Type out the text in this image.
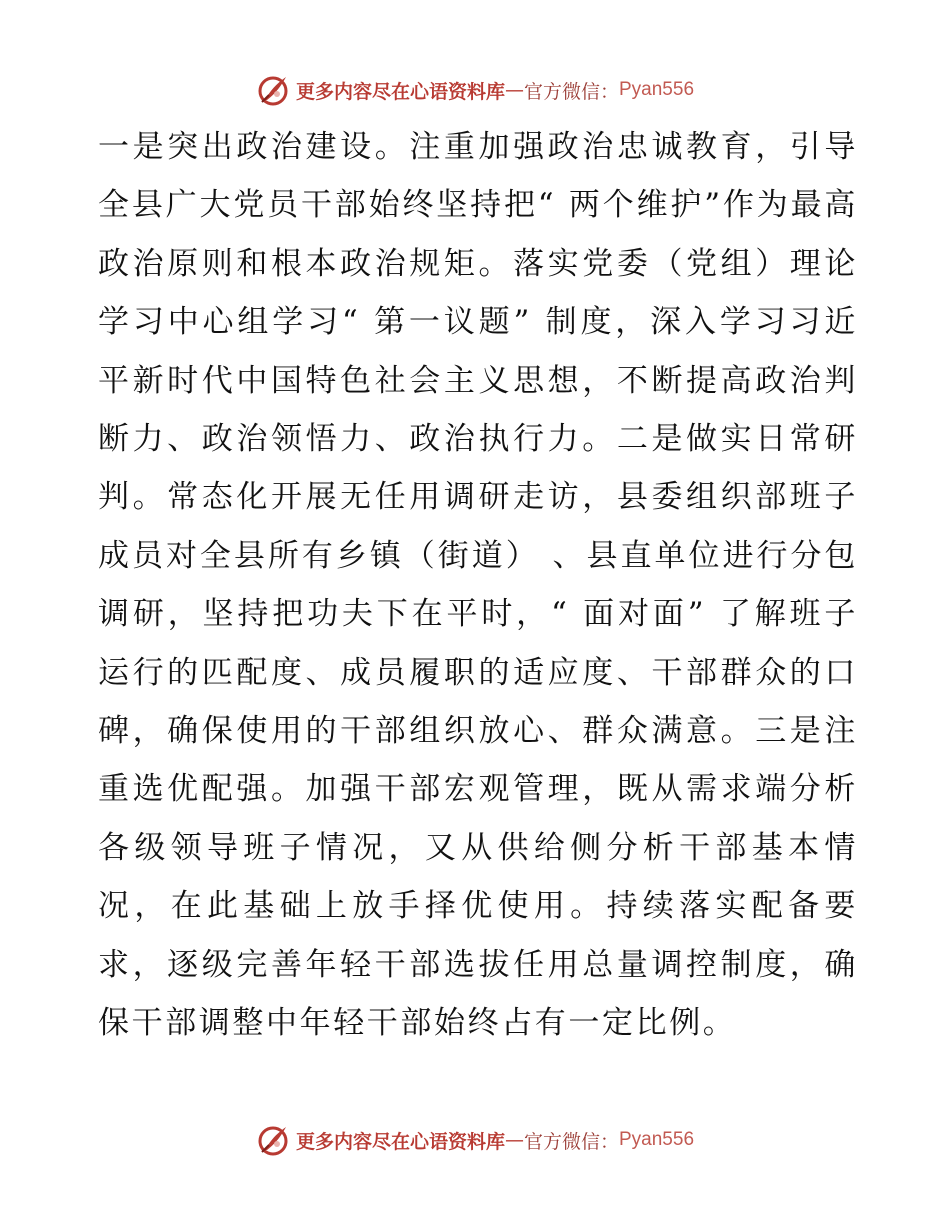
更多内容尽在心语资料库 — 官方微信： Pyan556

一是突出政治建设。注重加强政治忠诚教育，引导全县广大党员干部始终坚持把“ 两个维护”作为最高政治原则和根本政治规矩。落实党委（党组）理论学习中心组学习“ 第一议题” 制度，深入学习习近平新时代中国特色社会主义思想，不断提高政治判断力、政治领悟力、政治执行力。二是做实日常研判。常态化开展无任用调研走访，县委组织部班子成员对全县所有乡镇（街道） 、县直单位进行分包调研，坚持把功夫下在平时，“ 面对面” 了解班子运行的匹配度、成员履职的适应度、干部群众的口碑，确保使用的干部组织放心、群众满意。三是注重选优配强。加强干部宏观管理，既从需求端分析各级领导班子情况，又从供给侧分析干部基本情况，在此基础上放手择优使用。持续落实配备要求，逐级完善年轻干部选拔任用总量调控制度，确保干部调整中年轻干部始终占有一定比例。

更多内容尽在心语资料库 — 官方微信： Pyan556
